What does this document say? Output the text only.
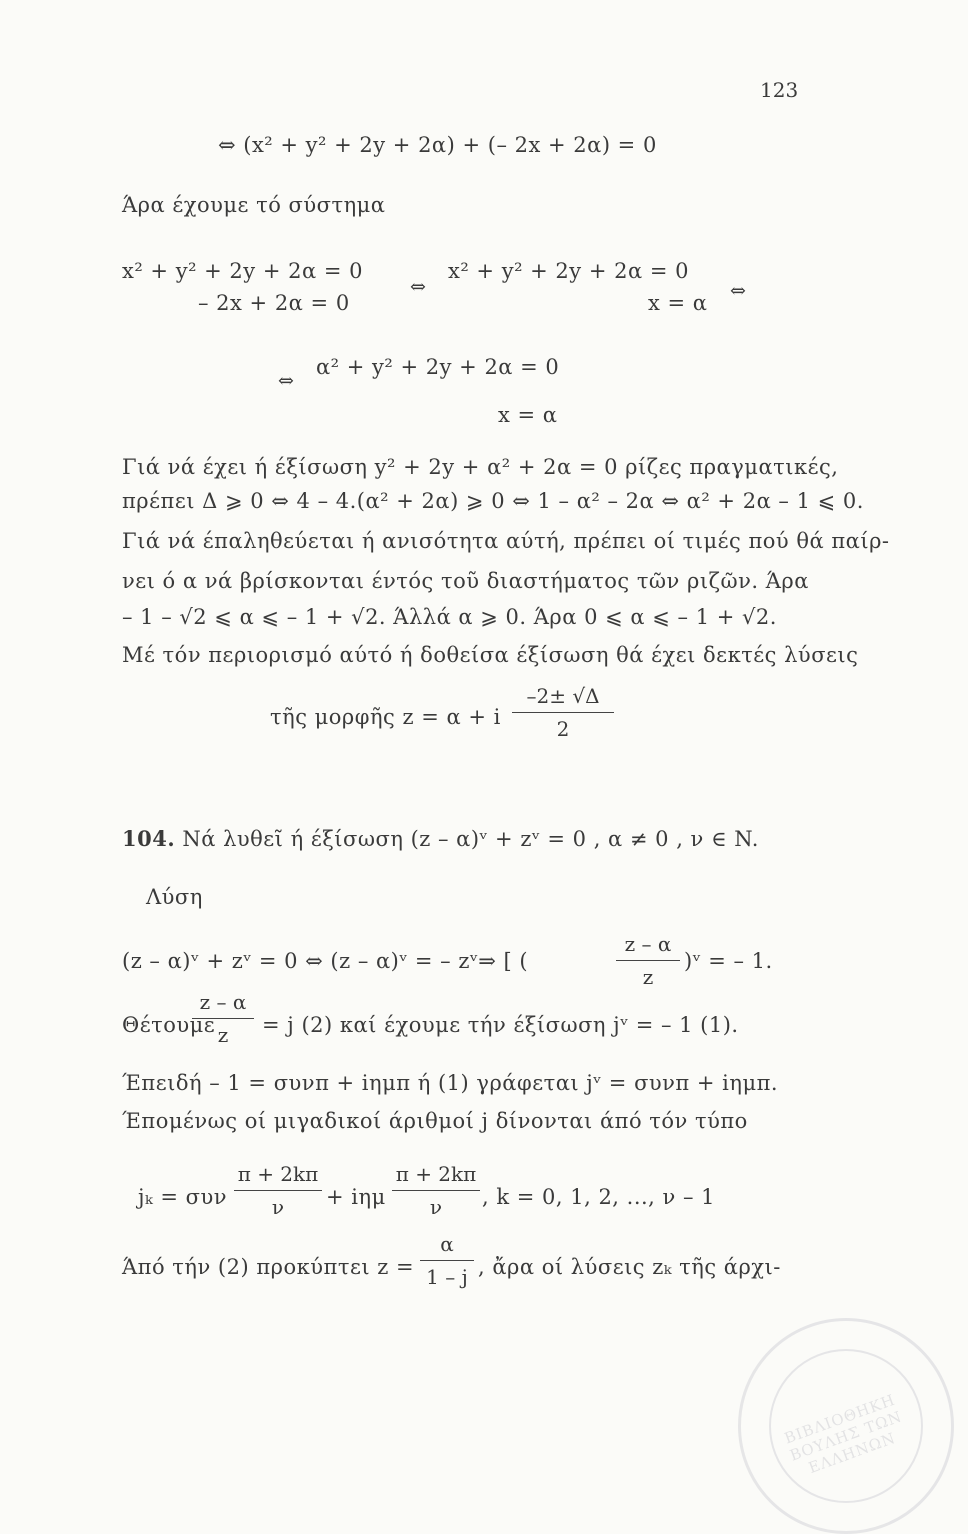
123
⇔ (x² + y² + 2y + 2α) + (– 2x + 2α) = 0
Άρα έχουμε τό σύστημα
x² + y² + 2y + 2α = 0
– 2x + 2α = 0
⇔
x² + y² + 2y + 2α = 0
x = α ⇔
⇔
α² + y² + 2y + 2α = 0
x = α
Γιά νά έχει ή έξίσωση y² + 2y + α² + 2α = 0 ρίζες πραγματικές,
πρέπει Δ ⩾ 0 ⇔ 4 – 4.(α² + 2α) ⩾ 0 ⇔ 1 – α² – 2α ⇔ α² + 2α – 1 ⩽ 0.
Γιά νά έπαληθεύεται ή ανισότητα αύτή, πρέπει οί τιμές πού θά παίρ-
νει ό α νά βρίσκονται έντός τοῦ διαστήματος τῶν ριζῶν. Άρα
– 1 – √2 ⩽ α ⩽ – 1 + √2. Άλλά α ⩾ 0. Άρα 0 ⩽ α ⩽ – 1 + √2.
Μέ τόν περιορισμό αύτό ή δοθείσα έξίσωση θά έχει δεκτές λύσεις
τῆς μορφῆς z = α + i
–2± √Δ
2
104. Νά λυθεῖ ή έξίσωση (z – α)ᵛ + zᵛ = 0 , α ≠ 0 , ν ∈ N.
Λύση
(z – α)ᵛ + zᵛ = 0 ⇔ (z – α)ᵛ = – zᵛ⇒ [ (
z – α
z
)ᵛ = – 1.
Θέτουμε
z – α
z	= j (2) καί έχουμε τήν έξίσωση jᵛ = – 1 (1).
Έπειδή – 1 = συνπ + iημπ ή (1) γράφεται jᵛ = συνπ + iημπ.
Έπομένως οί μιγαδικοί άριθμοί j δίνονται άπό τόν τύπο
jₖ = συν
π + 2kπ
ν	+ iημ
π + 2kπ
ν	, k = 0, 1, 2, ..., ν – 1
Άπό τήν (2) προκύπτει z =
α
1 – j , ἄρα οί λύσεις zₖ τῆς άρχι-
ΒΙΒΛΙΟΘΗΚΗ ΒΟΥΛΗΣ ΤΩΝ ΕΛΛΗΝΩΝ
